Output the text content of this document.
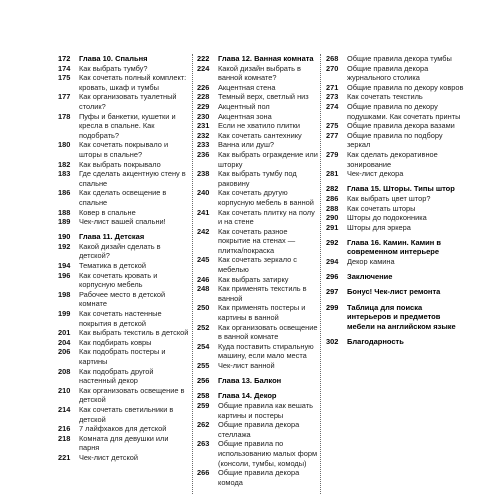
172	Глава 10. Спальня
174	Как выбрать тумбу?
175	Как сочетать полный комплект: кровать, шкаф и тумбы
177	Как организовать туалетный столик?
178	Пуфы и банкетки, кушетки и кресла в спальне. Как подобрать?
180	Как сочетать покрывало и шторы в спальне?
182	Как выбрать покрывало
183	Где сделать акцентную стену в спальне
186	Как сделать освещение в спальне
188	Ковер в спальне
189	Чек-лист вашей спальни!
190	Глава 11. Детская
192	Какой дизайн сделать в детской?
194	Тематика в детской
196	Как сочетать кровать и корпусную мебель
198	Рабочее место в детской комнате
199	Как сочетать настенные покрытия в детской
201	Как выбрать текстиль в детской
204	Как подбирать ковры
206	Как подобрать постеры и картины
208	Как подобрать другой настенный декор
210	Как организовать освещение в детской
214	Как сочетать светильники в детской
216	7 лайфхаков для детской
218	Комната для девушки или парня
221	Чек-лист детской
222	Глава 12. Ванная комната
224	Какой дизайн выбрать в ванной комнате?
226	Акцентная стена
228	Темный верх, светлый низ
229	Акцентный пол
230	Акцентная зона
231	Если не хватило плитки
232	Как сочетать сантехнику
233	Ванна или душ?
236	Как выбрать ограждение или шторку
238	Как выбрать тумбу под раковину
240	Как сочетать другую корпусную мебель в ванной
241	Как сочетать плитку на полу и на стене
242	Как сочетать разное покрытие на стенах — плитка/покраска
245	Как сочетать зеркало с мебелью
246	Как выбрать затирку
248	Как применять текстиль в ванной
250	Как применять постеры и картины в ванной
252	Как организовать освещение в ванной комнате
254	Куда поставить стиральную машину, если мало места
255	Чек-лист ванной
256	Глава 13. Балкон
258	Глава 14. Декор
259	Общие правила как вешать картины и постеры
262	Общие правила декора стеллажа
263	Общие правила по использованию малых форм (консоли, тумбы, комоды)
266	Общие правила декора комода
268	Общие правила декора тумбы
270	Общие правила декора журнального столика
271	Общие правила по декору ковров
273	Как сочетать текстиль
274	Общие правила по декору подушками. Как сочетать принты
275	Общие правила декора вазами
277	Общие правила по подбору зеркал
279	Как сделать декоративное зонирование
281	Чек-лист декора
282	Глава 15. Шторы. Типы штор
286	Как выбрать цвет штор?
288	Как сочетать шторы
290	Шторы до подоконника
291	Шторы для эркера
292	Глава 16. Камин. Камин в современном интерьере
294	Декор камина
296	Заключение
297	Бонус! Чек-лист ремонта
299	Таблица для поиска интерьеров и предметов мебели на английском языке
302	Благодарность
